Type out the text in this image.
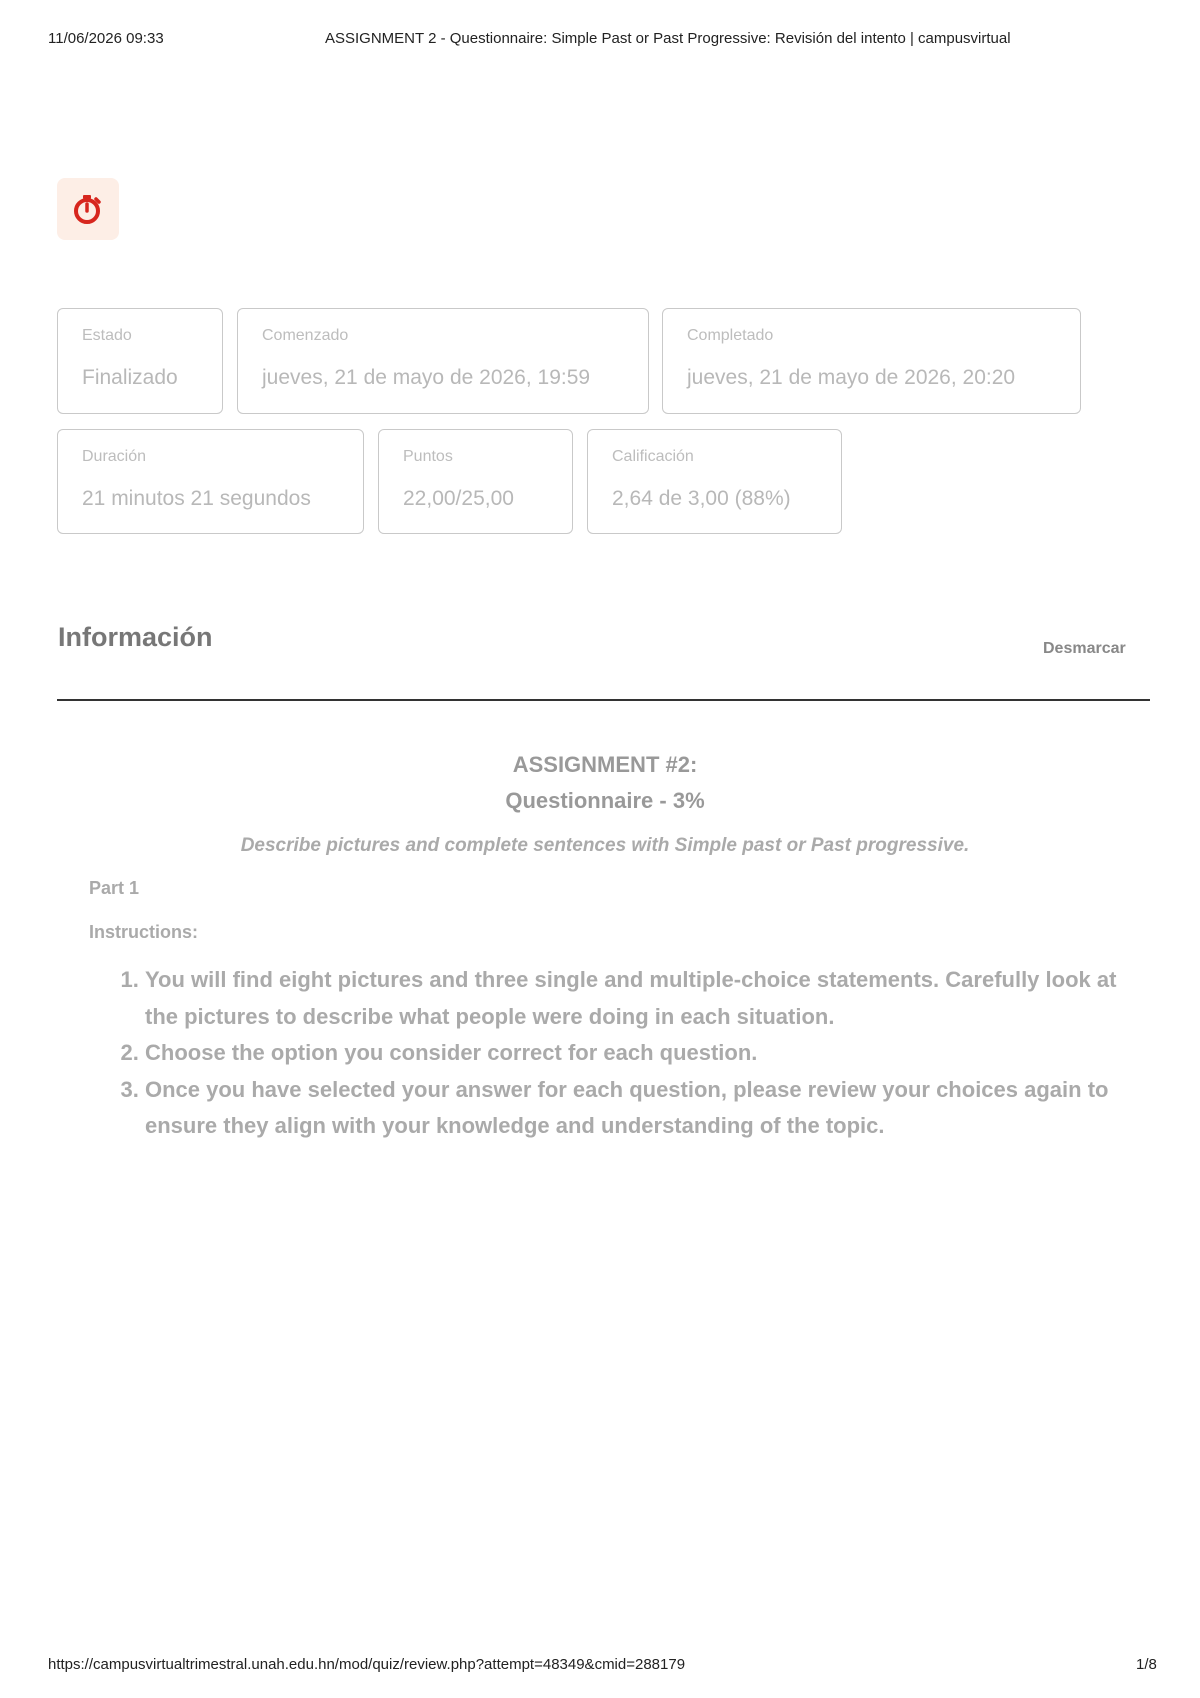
11/06/2026 09:33	ASSIGNMENT 2 - Questionnaire: Simple Past or Past Progressive: Revisión del intento | campusvirtual
Estado
Finalizado
Comenzado
jueves, 21 de mayo de 2026, 19:59
Completado
jueves, 21 de mayo de 2026, 20:20
Duración
21 minutos 21 segundos
Puntos
22,00/25,00
Calificación
2,64 de 3,00 (88%)
Información	Desmarcar
ASSIGNMENT #2:
Questionnaire - 3%
Describe pictures and complete sentences with Simple past or Past progressive.
Part 1
Instructions:
1. You will find eight pictures and three single and multiple-choice statements. Carefully look at the pictures to describe what people were doing in each situation.
2. Choose the option you consider correct for each question.
3. Once you have selected your answer for each question, please review your choices again to ensure they align with your knowledge and understanding of the topic.
https://campusvirtualtrimestral.unah.edu.hn/mod/quiz/review.php?attempt=48349&cmid=288179	1/8
